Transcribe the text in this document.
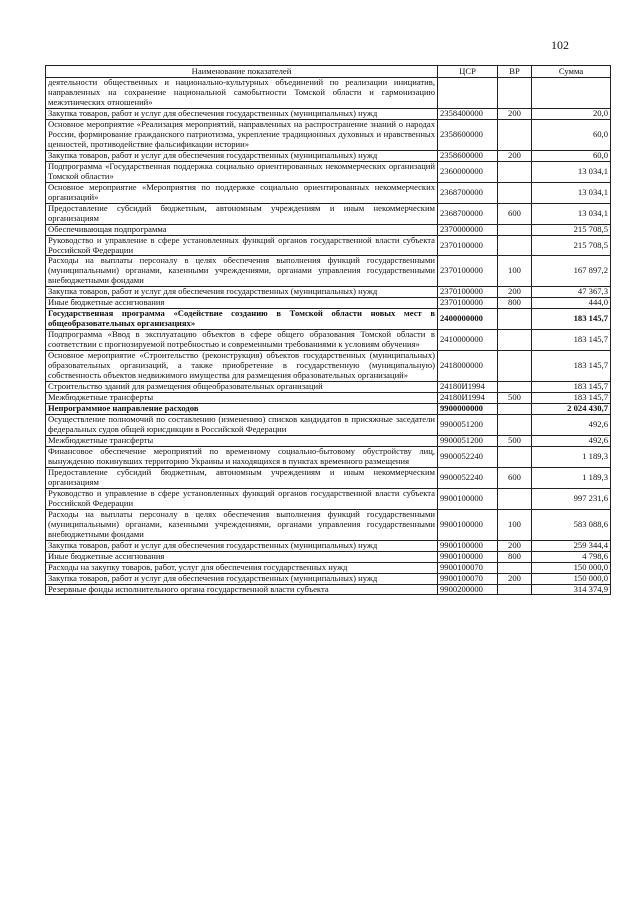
102
Наименование показателей	ЦСР	ВР	Сумма
деятельности общественных и национально-культурных объединений по реализации инициатив, направленных на сохранение национальной самобытности Томской области и гармонизацию межэтнических отношений»			
Закупка товаров, работ и услуг для обеспечения государственных (муниципальных) нужд	2358400000	200	20,0
Основное мероприятие «Реализация мероприятий, направленных на распространение знаний о народах России, формирование гражданского патриотизма, укрепление традиционных духовных и нравственных ценностей, противодействие фальсификации истории»	2358600000		60,0
Закупка товаров, работ и услуг для обеспечения государственных (муниципальных) нужд	2358600000	200	60,0
Подпрограмма «Государственная поддержка социально ориентированных некоммерческих организаций Томской области»	2360000000		13 034,1
Основное мероприятие «Мероприятия по поддержке социально ориентированных некоммерческих организаций»	2368700000		13 034,1
Предоставление субсидий бюджетным, автономным учреждениям и иным некоммерческим организациям	2368700000	600	13 034,1
Обеспечивающая подпрограмма	2370000000		215 708,5
Руководство и управление в сфере установленных функций органов государственной власти субъекта Российской Федерации	2370100000		215 708,5
Расходы на выплаты персоналу в целях обеспечения выполнения функций государственными (муниципальными) органами, казенными учреждениями, органами управления государственными внебюджетными фондами	2370100000	100	167 897,2
Закупка товаров, работ и услуг для обеспечения государственных (муниципальных) нужд	2370100000	200	47 367,3
Иные бюджетные ассигнования	2370100000	800	444,0
Государственная программа «Содействие созданию в Томской области новых мест в общеобразовательных организациях»	2400000000		183 145,7
Подпрограмма «Ввод в эксплуатацию объектов в сфере общего образования Томской области в соответствии с прогнозируемой потребностью и современными требованиями к условиям обучения»	2410000000		183 145,7
Основное мероприятие «Строительство (реконструкция) объектов государственных (муниципальных) образовательных организаций, а также приобретение в государственную (муниципальную) собственность объектов недвижимого имущества для размещения образовательных организаций»	2418000000		183 145,7
Строительство зданий для размещения общеобразовательных организаций	24180И1994		183 145,7
Межбюджетные трансферты	24180И1994	500	183 145,7
Непрограммное направление расходов	9900000000		2 024 430,7
Осуществление полномочий по составлению (изменению) списков кандидатов в присяжные заседатели федеральных судов общей юрисдикции в Российской Федерации	9900051200		492,6
Межбюджетные трансферты	9900051200	500	492,6
Финансовое обеспечение мероприятий по временному социально-бытовому обустройству лиц, вынужденно покинувших территорию Украины и находящихся в пунктах временного размещения	9900052240		1 189,3
Предоставление субсидий бюджетным, автономным учреждениям и иным некоммерческим организациям	9900052240	600	1 189,3
Руководство и управление в сфере установленных функций органов государственной власти субъекта Российской Федерации	9900100000		997 231,6
Расходы на выплаты персоналу в целях обеспечения выполнения функций государственными (муниципальными) органами, казенными учреждениями, органами управления государственными внебюджетными фондами	9900100000	100	583 088,6
Закупка товаров, работ и услуг для обеспечения государственных (муниципальных) нужд	9900100000	200	259 344,4
Иные бюджетные ассигнования	9900100000	800	4 798,6
Расходы на закупку товаров, работ, услуг для обеспечения государственных нужд	9900100070		150 000,0
Закупка товаров, работ и услуг для обеспечения государственных (муниципальных) нужд	9900100070	200	150 000,0
Резервные фонды исполнительного органа государственной власти субъекта	9900200000		314 374,9
